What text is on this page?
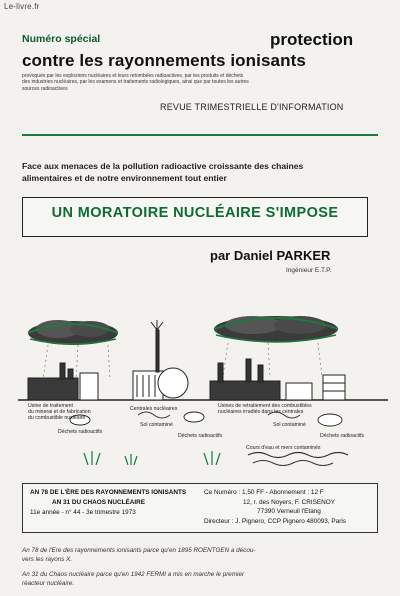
Le-livre.fr
Numéro spécial	protection
contre les rayonnements ionisants
provoqués par les explosions nucléaires et leurs retombées radioactives, par les produits et déchets
des industries nucléaires, par les examens et traitements radiologiques, ainsi que par toutes les autres
sources radioactives
REVUE TRIMESTRIELLE D'INFORMATION
Face aux menaces de la pollution radioactive croissante des chaines
alimentaires et de notre environnement tout entier
UN MORATOIRE NUCLÉAIRE S'IMPOSE
par Daniel PARKER
Ingénieur E.T.P.
Usine de traitement
du minerai et de fabrication
du combustible nucléaire
Centrales nucléaires	Usines de retraitement des combustibles
nucléaires irradiés dans les centrales
Déchets radioactifs
Sol contaminé
Déchets radioactifs
Sol contaminé
Déchets radioactifs
Cours d'eau et mers contaminés
AN 78 DE L'ÈRE DES RAYONNEMENTS IONISANTS
AN 31 DU CHAOS NUCLÉAIRE
11e année - n° 44 - 3e trimestre 1973
Ce Numéro : 1,50 FF - Abonnement : 12 F
12, r. des Noyers, F. CRISENOY
77390 Verneuil l'Etang
Directeur : J. Pignero, CCP Pignero 480093, Paris
An 78 de l'Ere des rayonnements ionisants parce qu'en 1895 ROENTGEN a décou-
vers les rayons X.
An 31 du Chaos nucléaire parce qu'en 1942 FERMI a mis en marche le premier
réacteur nucléaire.
